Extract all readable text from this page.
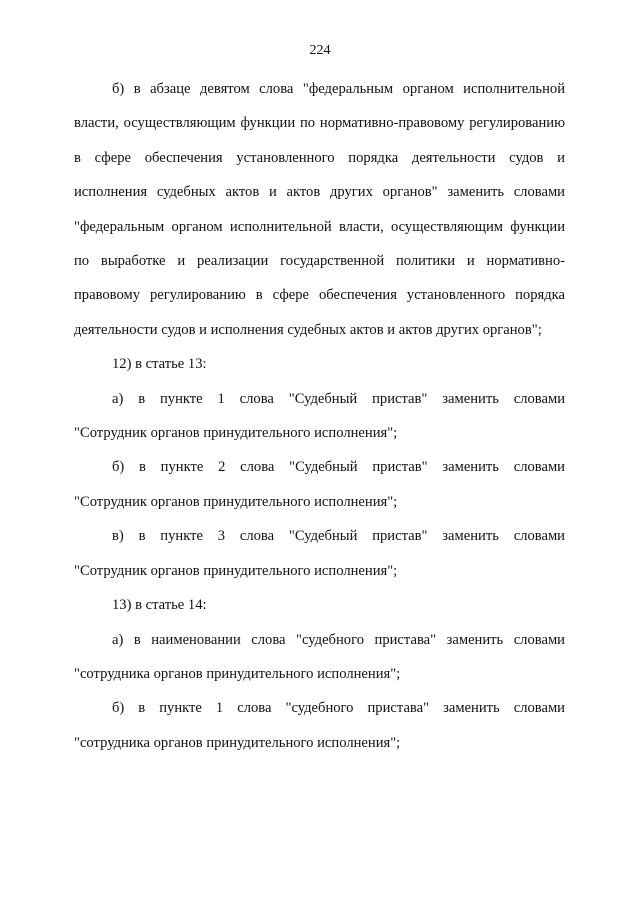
224

б) в абзаце девятом слова "федеральным органом исполнительной власти, осуществляющим функции по нормативно-правовому регулированию в сфере обеспечения установленного порядка деятельности судов и исполнения судебных актов и актов других органов" заменить словами "федеральным органом исполнительной власти, осуществляющим функции по выработке и реализации государственной политики и нормативно-правовому регулированию в сфере обеспечения установленного порядка деятельности судов и исполнения судебных актов и актов других органов";

12) в статье 13:

а) в пункте 1 слова "Судебный пристав" заменить словами

"Сотрудник органов принудительного исполнения";

б) в пункте 2 слова "Судебный пристав" заменить словами

"Сотрудник органов принудительного исполнения";

в) в пункте 3 слова "Судебный пристав" заменить словами

"Сотрудник органов принудительного исполнения";

13) в статье 14:

а) в наименовании слова "судебного пристава" заменить словами

"сотрудника органов принудительного исполнения";

б) в пункте 1 слова "судебного пристава" заменить словами

"сотрудника органов принудительного исполнения";
